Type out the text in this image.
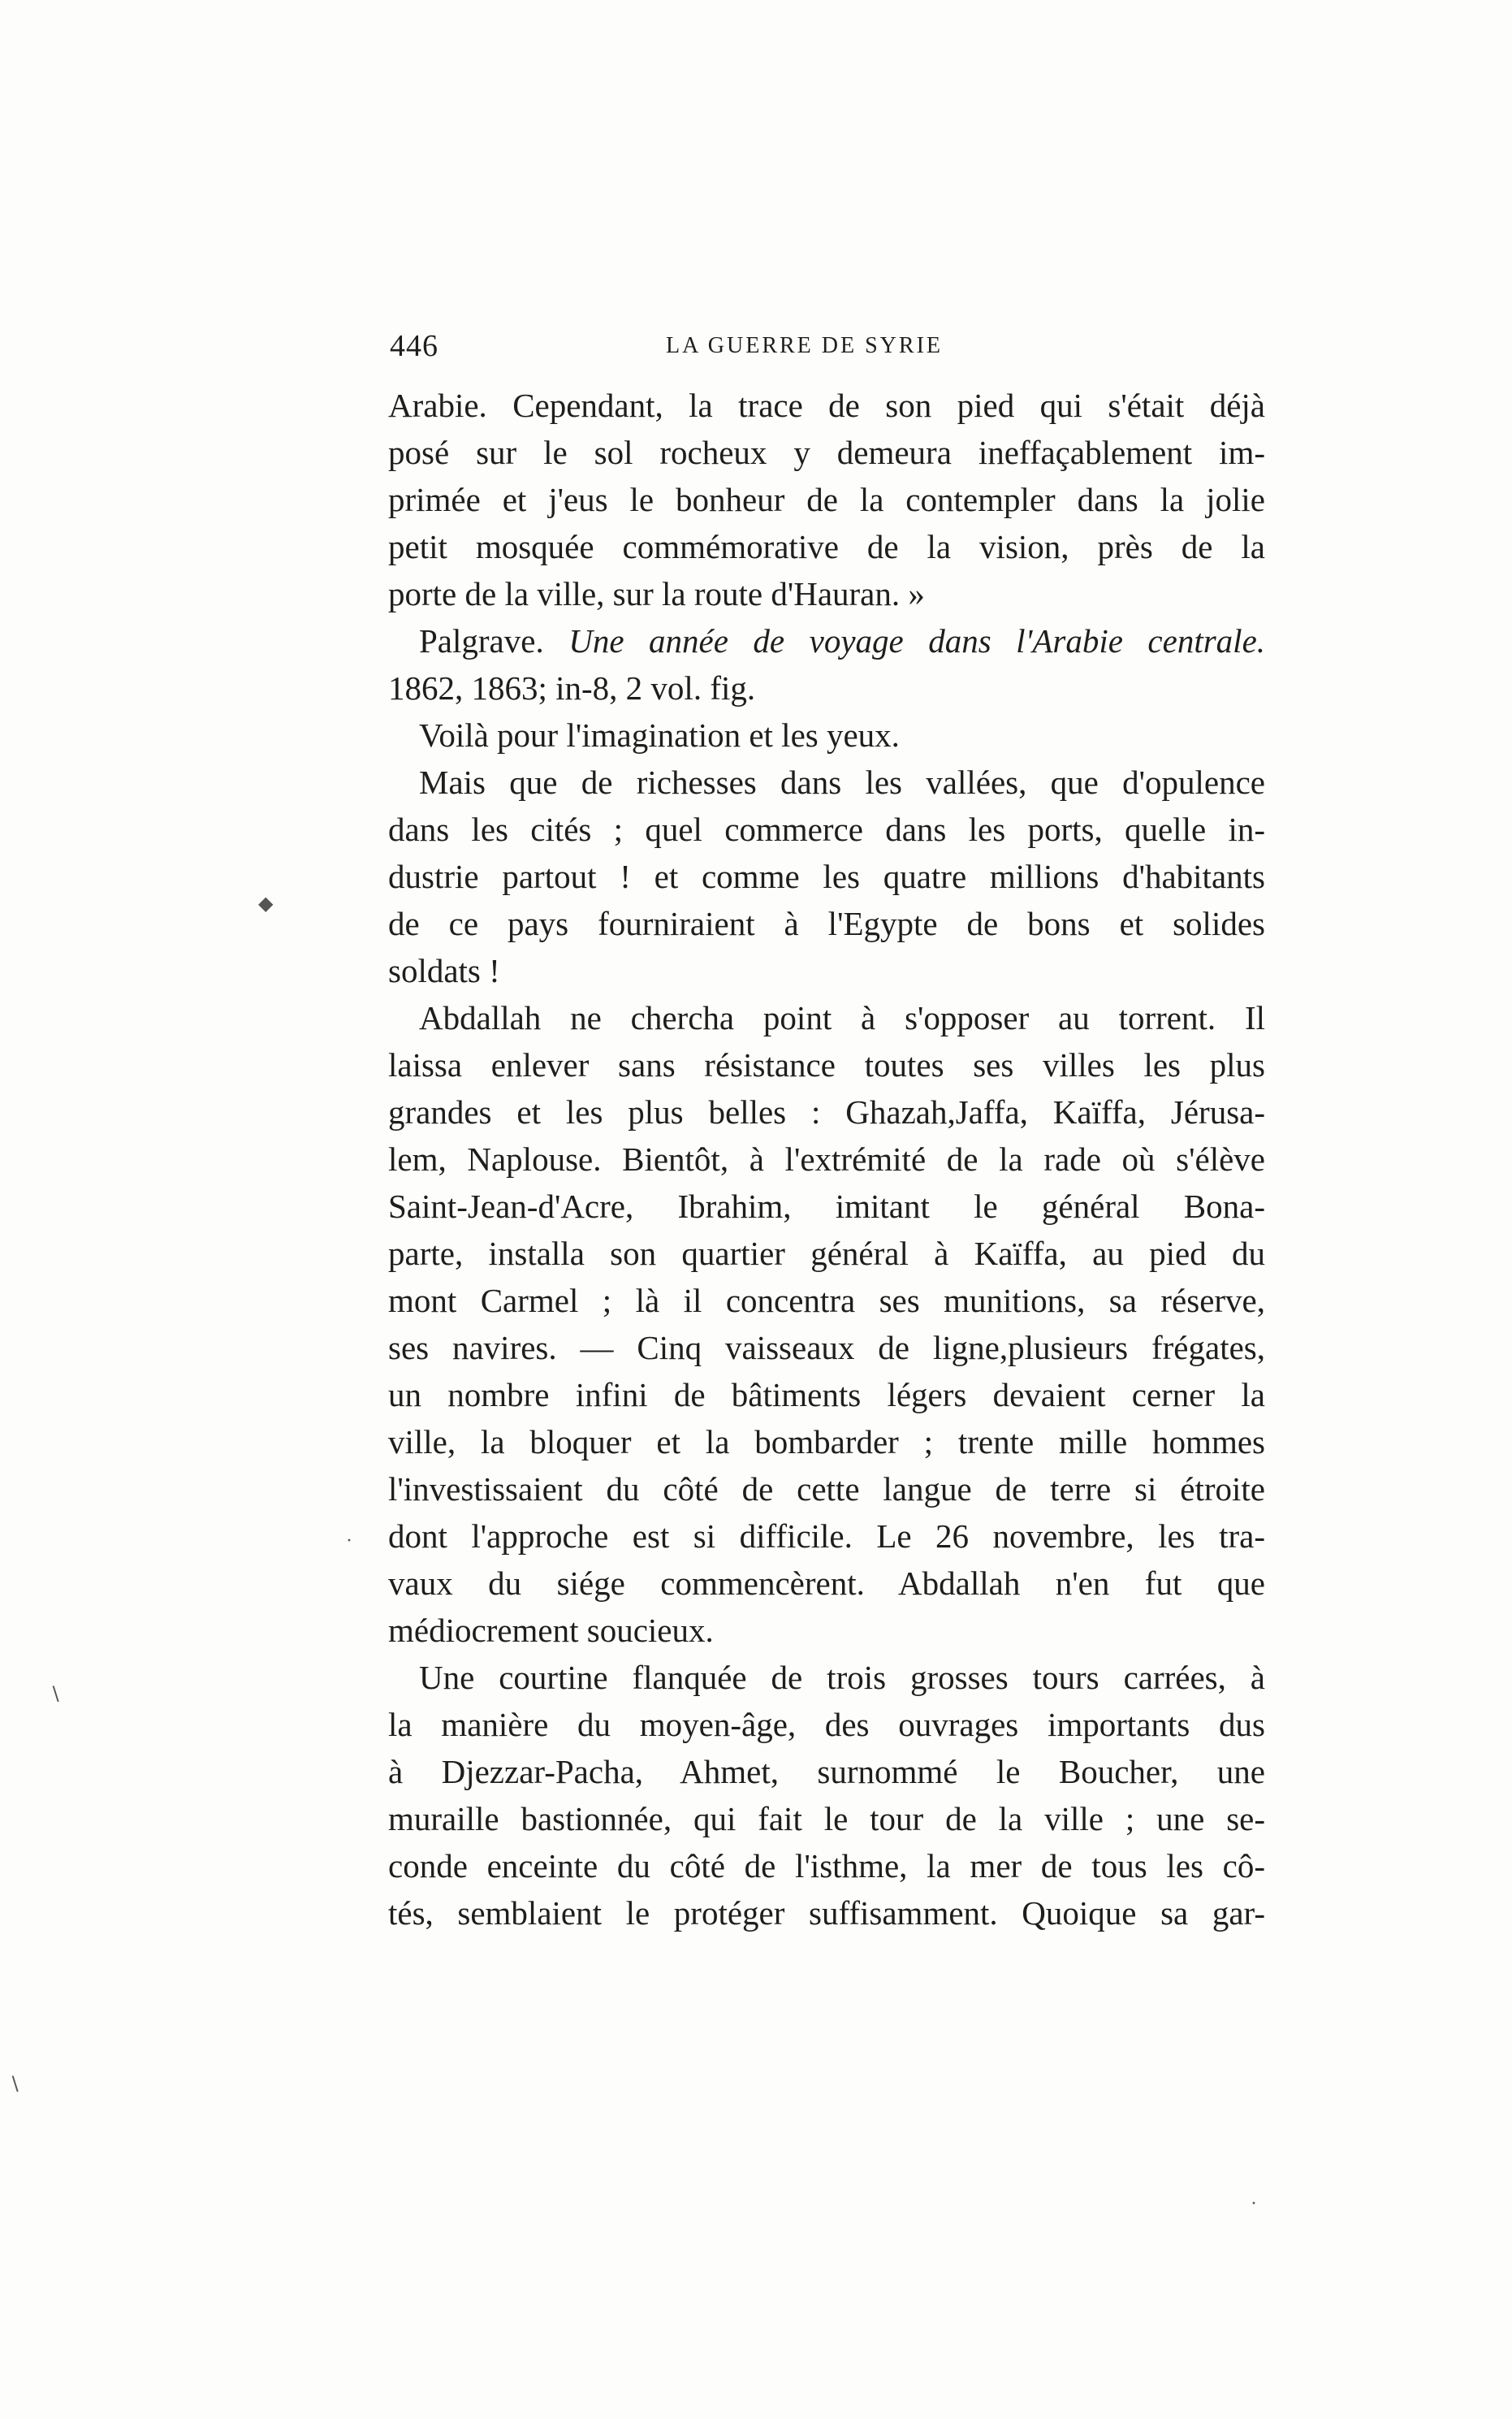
446	LA GUERRE DE SYRIE
Arabie. Cependant, la trace de son pied qui s'était déjà
posé sur le sol rocheux y demeura ineffaçablement im-
primée et j'eus le bonheur de la contempler dans la jolie
petit mosquée commémorative de la vision, près de la
porte de la ville, sur la route d'Hauran. »
Palgrave. Une année de voyage dans l'Arabie centrale.
1862, 1863; in-8, 2 vol. fig.
Voilà pour l'imagination et les yeux.
Mais que de richesses dans les vallées, que d'opulence
dans les cités ; quel commerce dans les ports, quelle in-
dustrie partout ! et comme les quatre millions d'habitants
de ce pays fourniraient à l'Egypte de bons et solides
soldats !
Abdallah ne chercha point à s'opposer au torrent. Il
laissa enlever sans résistance toutes ses villes les plus
grandes et les plus belles : Ghazah,Jaffa, Kaïffa, Jérusa-
lem, Naplouse. Bientôt, à l'extrémité de la rade où s'élève
Saint-Jean-d'Acre, Ibrahim, imitant le général Bona-
parte, installa son quartier général à Kaïffa, au pied du
mont Carmel ; là il concentra ses munitions, sa réserve,
ses navires. — Cinq vaisseaux de ligne,plusieurs frégates,
un nombre infini de bâtiments légers devaient cerner la
ville, la bloquer et la bombarder ; trente mille hommes
l'investissaient du côté de cette langue de terre si étroite
dont l'approche est si difficile. Le 26 novembre, les tra-
vaux du siége commencèrent. Abdallah n'en fut que
médiocrement soucieux.
Une courtine flanquée de trois grosses tours carrées, à
la manière du moyen-âge, des ouvrages importants dus
à Djezzar-Pacha, Ahmet, surnommé le Boucher, une
muraille bastionnée, qui fait le tour de la ville ; une se-
conde enceinte du côté de l'isthme, la mer de tous les cô-
tés, semblaient le protéger suffisamment. Quoique sa gar-
◆
·
∖
∖
·
